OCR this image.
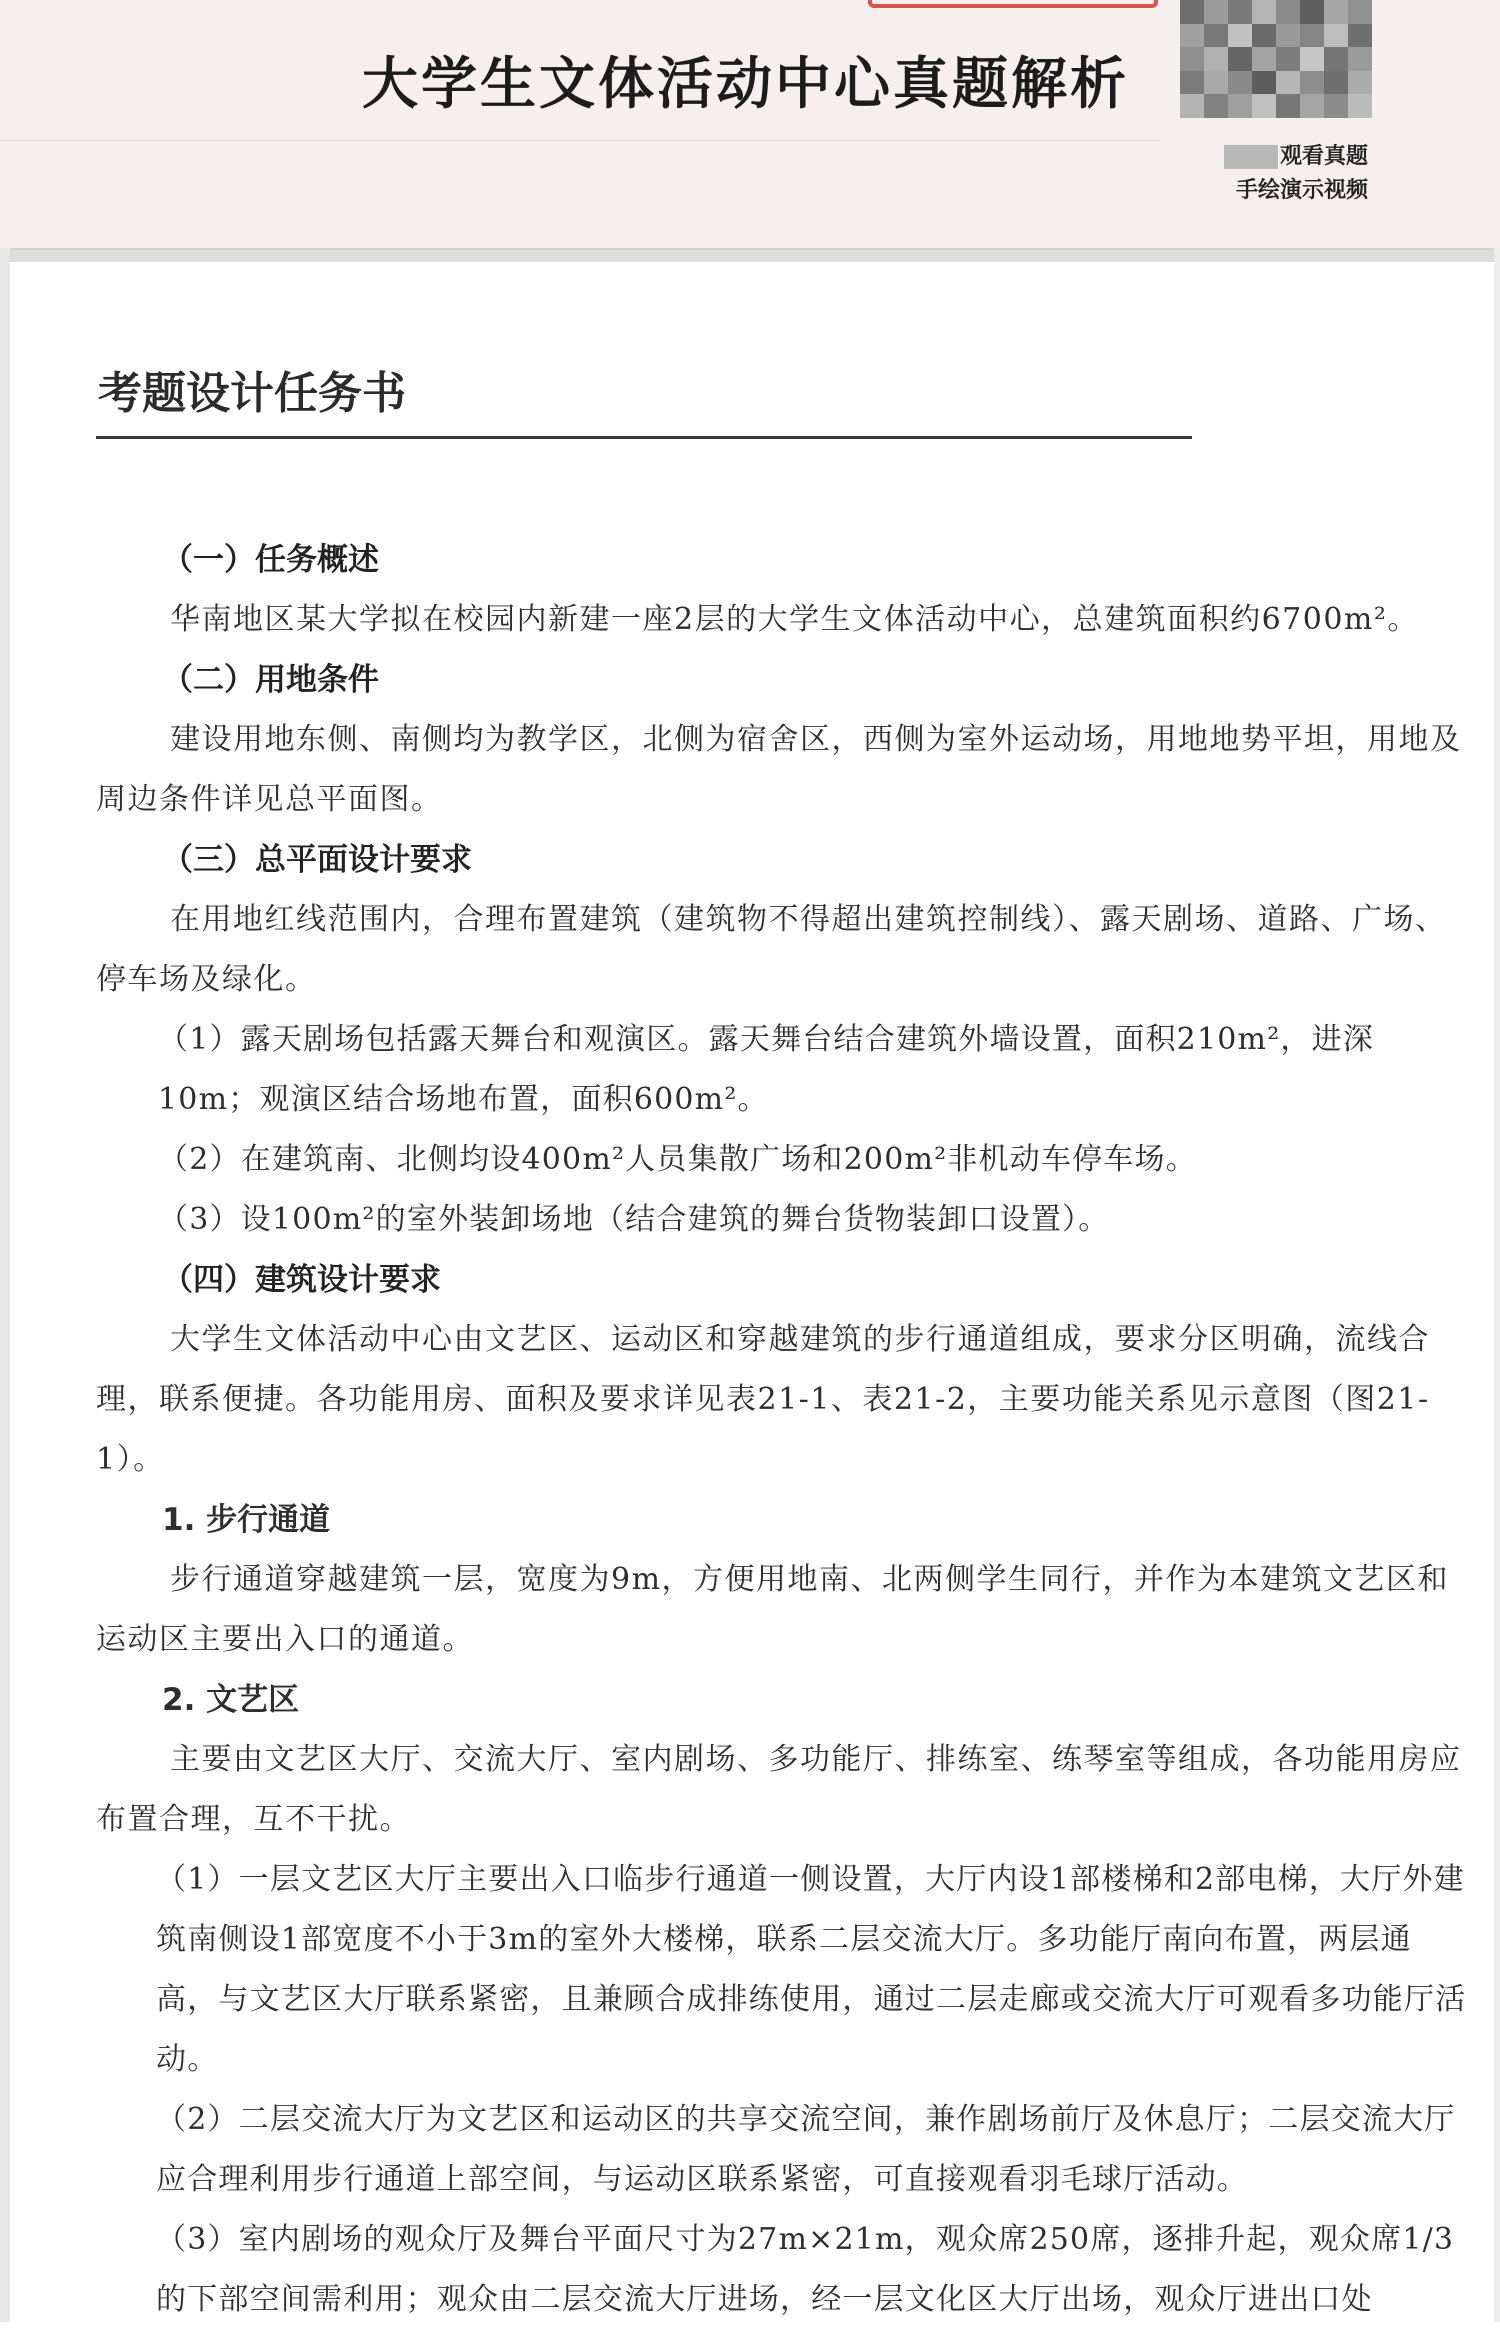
大学生文体活动中心真题解析
观看真题
手绘演示视频
考题设计任务书

（一）任务概述

华南地区某大学拟在校园内新建一座2层的大学生文体活动中心，总建筑面积约6700m²。

（二）用地条件

建设用地东侧、南侧均为教学区，北侧为宿舍区，西侧为室外运动场，用地地势平坦，用地及周边条件详见总平面图。

（三）总平面设计要求

在用地红线范围内，合理布置建筑（建筑物不得超出建筑控制线）、露天剧场、道路、广场、停车场及绿化。

（1）露天剧场包括露天舞台和观演区。露天舞台结合建筑外墙设置，面积210m²，进深10m；观演区结合场地布置，面积600m²。

（2）在建筑南、北侧均设400m²人员集散广场和200m²非机动车停车场。

（3）设100m²的室外装卸场地（结合建筑的舞台货物装卸口设置）。

（四）建筑设计要求

大学生文体活动中心由文艺区、运动区和穿越建筑的步行通道组成，要求分区明确，流线合理，联系便捷。各功能用房、面积及要求详见表21-1、表21-2，主要功能关系见示意图（图21-1）。

1. 步行通道

步行通道穿越建筑一层，宽度为9m，方便用地南、北两侧学生同行，并作为本建筑文艺区和运动区主要出入口的通道。

2. 文艺区

主要由文艺区大厅、交流大厅、室内剧场、多功能厅、排练室、练琴室等组成，各功能用房应布置合理，互不干扰。

（1）一层文艺区大厅主要出入口临步行通道一侧设置，大厅内设1部楼梯和2部电梯，大厅外建筑南侧设1部宽度不小于3m的室外大楼梯，联系二层交流大厅。多功能厅南向布置，两层通高，与文艺区大厅联系紧密，且兼顾合成排练使用，通过二层走廊或交流大厅可观看多功能厅活动。

（2）二层交流大厅为文艺区和运动区的共享交流空间，兼作剧场前厅及休息厅；二层交流大厅应合理利用步行通道上部空间，与运动区联系紧密，可直接观看羽毛球厅活动。

（3）室内剧场的观众厅及舞台平面尺寸为27m×21m，观众席250席，逐排升起，观众席1/3的下部空间需利用；观众由二层交流大厅进场，经一层文化区大厅出场，观众厅进出口处
